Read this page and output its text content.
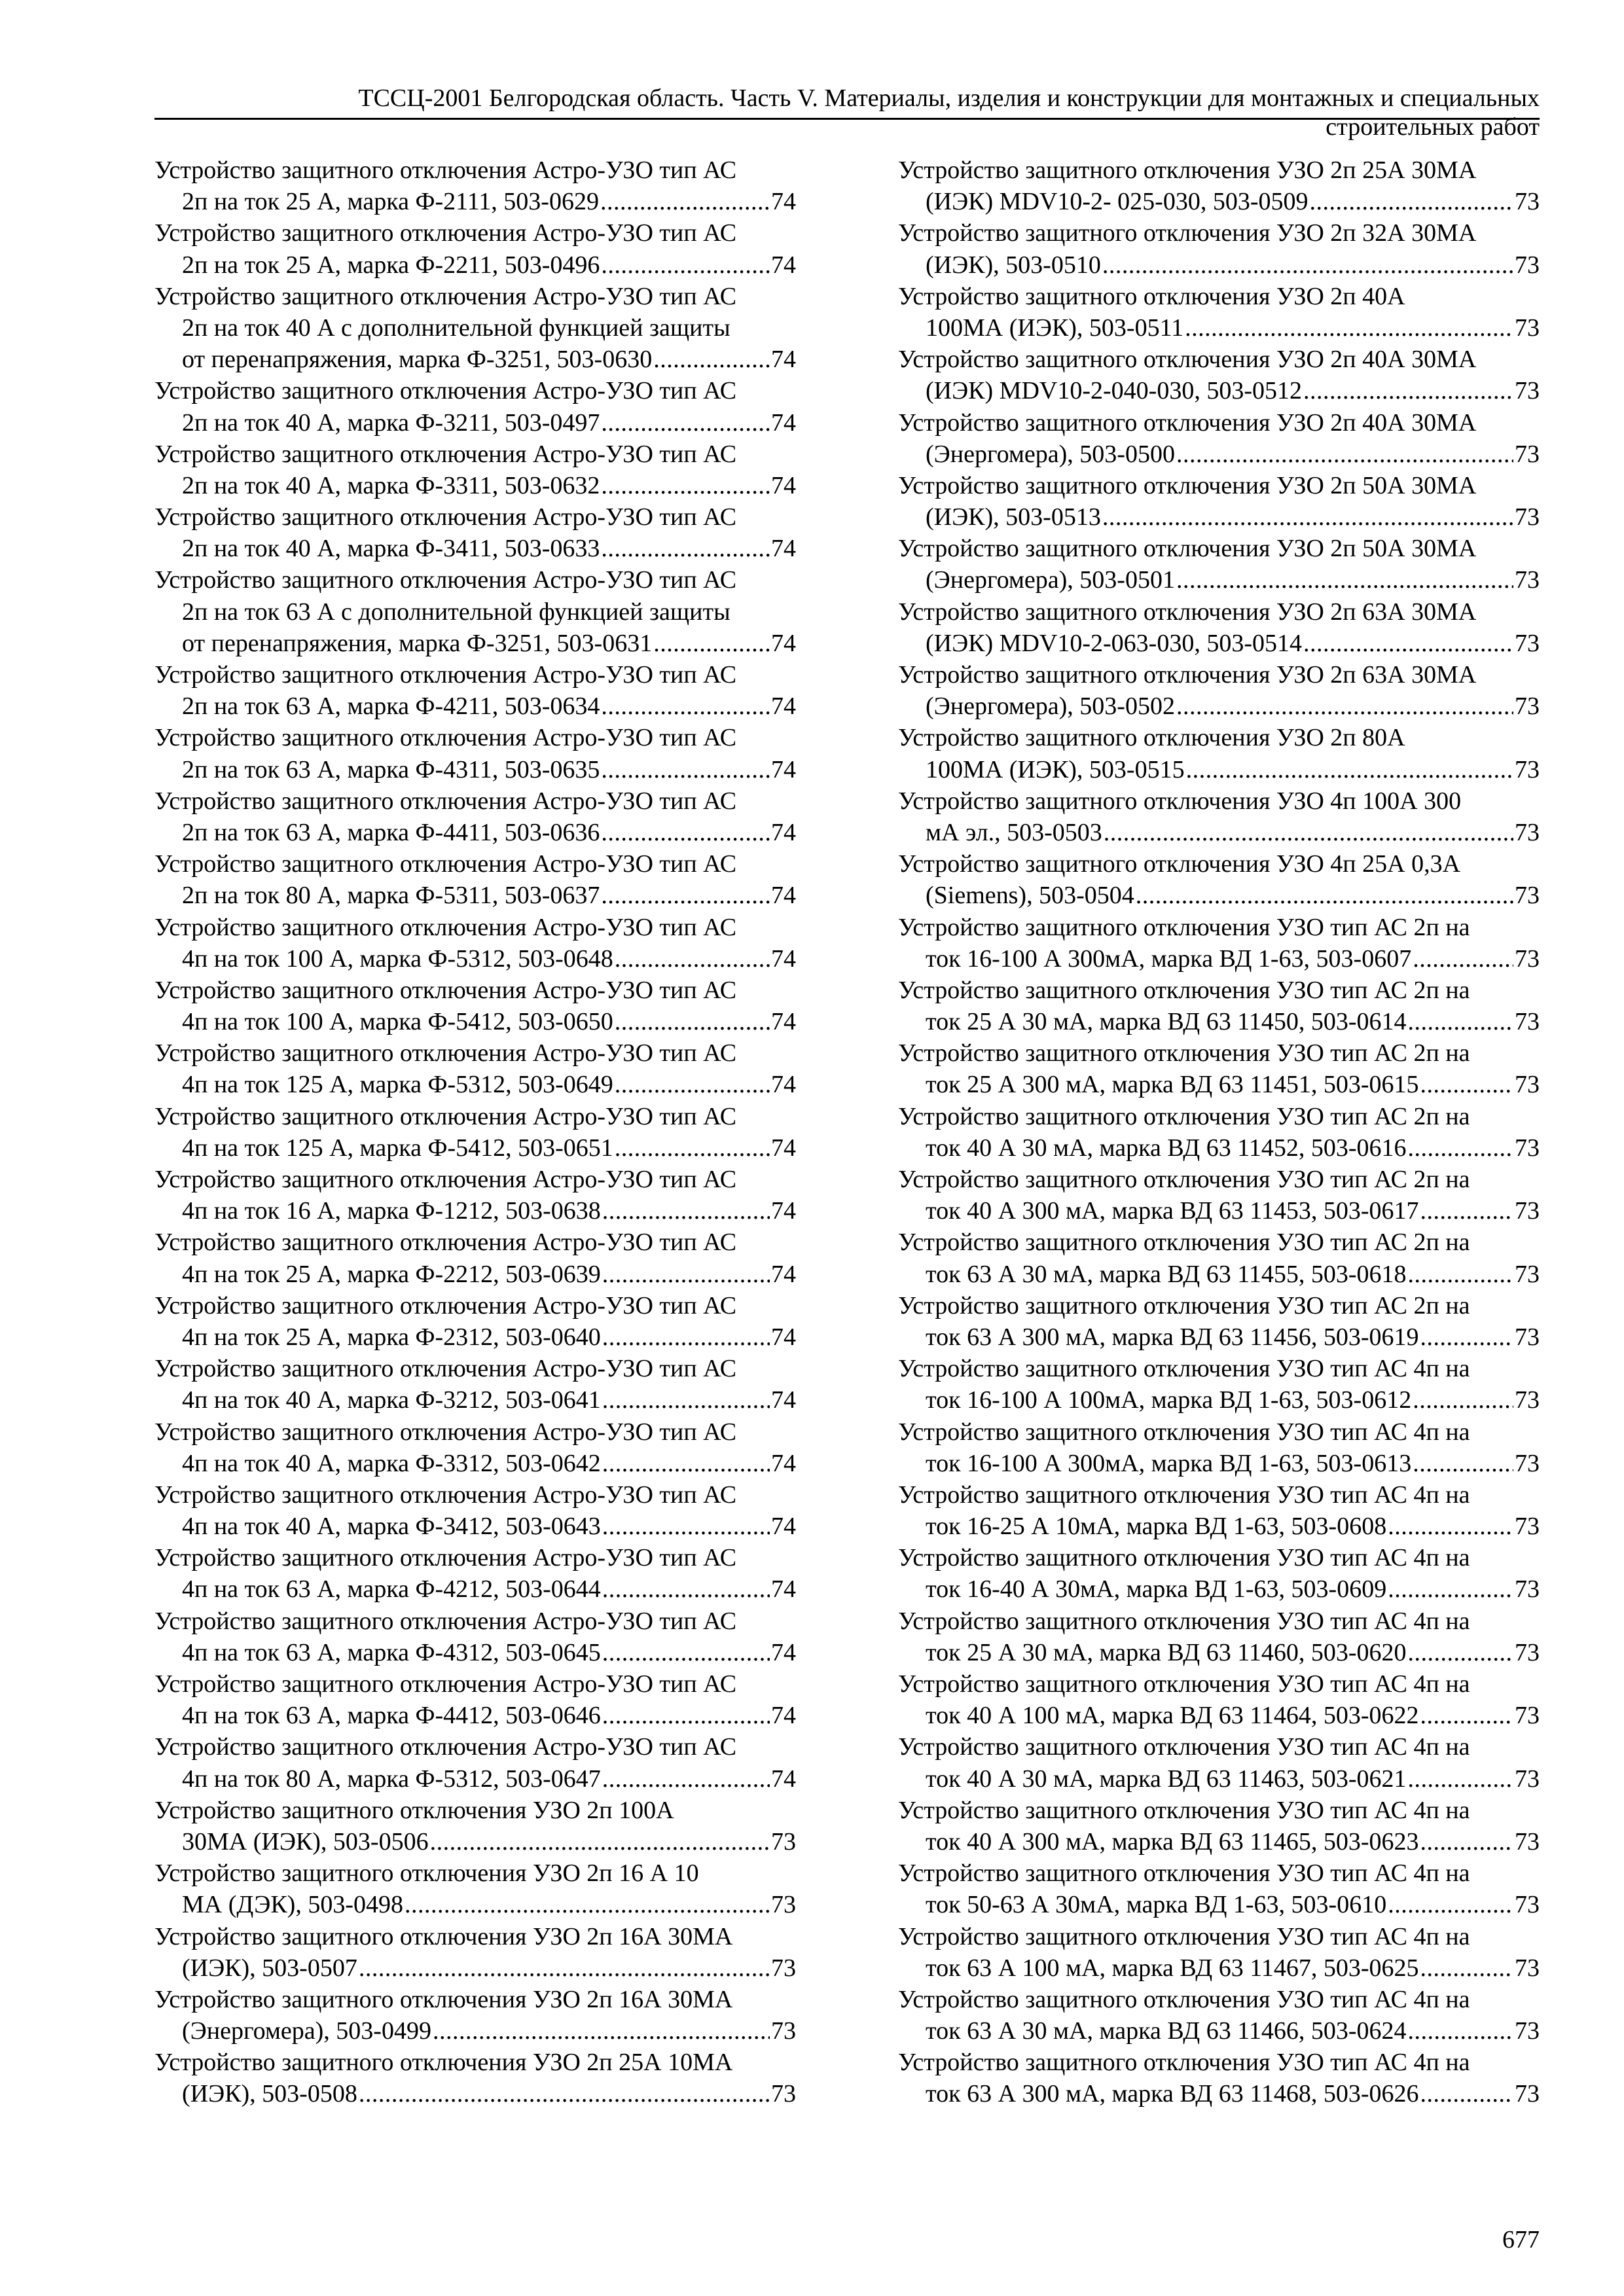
ТССЦ-2001 Белгородская область. Часть V. Материалы, изделия и конструкции для монтажных и специальных
строительных работ
Устройство защитного отключения Астро-УЗО тип АС
2п на ток 25 А, марка Ф-2111, 503-0629 .....	74
Устройство защитного отключения Астро-УЗО тип АС
2п на ток 25 А, марка Ф-2211, 503-0496 .....	74
Устройство защитного отключения Астро-УЗО тип АС
2п на ток 40 А с дополнительной функцией защиты
от перенапряжения, марка Ф-3251, 503-0630 .....	74
Устройство защитного отключения Астро-УЗО тип АС
2п на ток 40 А, марка Ф-3211, 503-0497 .....	74
Устройство защитного отключения Астро-УЗО тип АС
2п на ток 40 А, марка Ф-3311, 503-0632 .....	74
Устройство защитного отключения Астро-УЗО тип АС
2п на ток 40 А, марка Ф-3411, 503-0633 .....	74
Устройство защитного отключения Астро-УЗО тип АС
2п на ток 63 А с дополнительной функцией защиты
от перенапряжения, марка Ф-3251, 503-0631 .....	74
Устройство защитного отключения Астро-УЗО тип АС
2п на ток 63 А, марка Ф-4211, 503-0634 .....	74
Устройство защитного отключения Астро-УЗО тип АС
2п на ток 63 А, марка Ф-4311, 503-0635 .....	74
Устройство защитного отключения Астро-УЗО тип АС
2п на ток 63 А, марка Ф-4411, 503-0636 .....	74
Устройство защитного отключения Астро-УЗО тип АС
2п на ток 80 А, марка Ф-5311, 503-0637 .....	74
Устройство защитного отключения Астро-УЗО тип АС
4п на ток 100 А, марка Ф-5312, 503-0648 .....	74
Устройство защитного отключения Астро-УЗО тип АС
4п на ток 100 А, марка Ф-5412, 503-0650 .....	74
Устройство защитного отключения Астро-УЗО тип АС
4п на ток 125 А, марка Ф-5312, 503-0649 .....	74
Устройство защитного отключения Астро-УЗО тип АС
4п на ток 125 А, марка Ф-5412, 503-0651 .....	74
Устройство защитного отключения Астро-УЗО тип АС
4п на ток 16 А, марка Ф-1212, 503-0638 .....	74
Устройство защитного отключения Астро-УЗО тип АС
4п на ток 25 А, марка Ф-2212, 503-0639 .....	74
Устройство защитного отключения Астро-УЗО тип АС
4п на ток 25 А, марка Ф-2312, 503-0640 .....	74
Устройство защитного отключения Астро-УЗО тип АС
4п на ток 40 А, марка Ф-3212, 503-0641 .....	74
Устройство защитного отключения Астро-УЗО тип АС
4п на ток 40 А, марка Ф-3312, 503-0642 .....	74
Устройство защитного отключения Астро-УЗО тип АС
4п на ток 40 А, марка Ф-3412, 503-0643 .....	74
Устройство защитного отключения Астро-УЗО тип АС
4п на ток 63 А, марка Ф-4212, 503-0644 .....	74
Устройство защитного отключения Астро-УЗО тип АС
4п на ток 63 А, марка Ф-4312, 503-0645 .....	74
Устройство защитного отключения Астро-УЗО тип АС
4п на ток 63 А, марка Ф-4412, 503-0646 .....	74
Устройство защитного отключения Астро-УЗО тип АС
4п на ток 80 А, марка Ф-5312, 503-0647 .....	74
Устройство защитного отключения УЗО 2п 100А
30МА (ИЭК), 503-0506 .....	73
Устройство защитного отключения УЗО 2п 16 А 10
МА (ДЭК), 503-0498 .....	73
Устройство защитного отключения УЗО 2п 16А 30МА
(ИЭК), 503-0507 .....	73
Устройство защитного отключения УЗО 2п 16А 30МА
(Энергомера), 503-0499 .....	73
Устройство защитного отключения УЗО 2п 25А 10МА
(ИЭК), 503-0508 .....	73
Устройство защитного отключения УЗО 2п 25А 30МА
(ИЭК) MDV10-2- 025-030, 503-0509 .....	73
Устройство защитного отключения УЗО 2п 32А 30МА
(ИЭК), 503-0510 .....	73
Устройство защитного отключения УЗО 2п 40А
100МА (ИЭК), 503-0511 .....	73
Устройство защитного отключения УЗО 2п 40А 30МА
(ИЭК) MDV10-2-040-030, 503-0512 .....	73
Устройство защитного отключения УЗО 2п 40А 30МА
(Энергомера), 503-0500 .....	73
Устройство защитного отключения УЗО 2п 50А 30МА
(ИЭК), 503-0513 .....	73
Устройство защитного отключения УЗО 2п 50А 30МА
(Энергомера), 503-0501 .....	73
Устройство защитного отключения УЗО 2п 63А 30МА
(ИЭК) MDV10-2-063-030, 503-0514 .....	73
Устройство защитного отключения УЗО 2п 63А 30МА
(Энергомера), 503-0502 .....	73
Устройство защитного отключения УЗО 2п 80А
100МА (ИЭК), 503-0515 .....	73
Устройство защитного отключения УЗО 4п 100А 300
мА эл., 503-0503 .....	73
Устройство защитного отключения УЗО 4п 25А 0,3А
(Siemens), 503-0504 .....	73
Устройство защитного отключения УЗО тип АС 2п на
ток 16-100 А 300мА, марка ВД 1-63, 503-0607 .....	73
Устройство защитного отключения УЗО тип АС 2п на
ток 25 А 30 мА, марка ВД 63 11450, 503-0614 .....	73
Устройство защитного отключения УЗО тип АС 2п на
ток 25 А 300 мА, марка ВД 63 11451, 503-0615 .....	73
Устройство защитного отключения УЗО тип АС 2п на
ток 40 А 30 мА, марка ВД 63 11452, 503-0616 .....	73
Устройство защитного отключения УЗО тип АС 2п на
ток 40 А 300 мА, марка ВД 63 11453, 503-0617 .....	73
Устройство защитного отключения УЗО тип АС 2п на
ток 63 А 30 мА, марка ВД 63 11455, 503-0618 .....	73
Устройство защитного отключения УЗО тип АС 2п на
ток 63 А 300 мА, марка ВД 63 11456, 503-0619 .....	73
Устройство защитного отключения УЗО тип АС 4п на
ток 16-100 А 100мА, марка ВД 1-63, 503-0612 .....	73
Устройство защитного отключения УЗО тип АС 4п на
ток 16-100 А 300мА, марка ВД 1-63, 503-0613 .....	73
Устройство защитного отключения УЗО тип АС 4п на
ток 16-25 А 10мА, марка ВД 1-63, 503-0608 .....	73
Устройство защитного отключения УЗО тип АС 4п на
ток 16-40 А 30мА, марка ВД 1-63, 503-0609 .....	73
Устройство защитного отключения УЗО тип АС 4п на
ток 25 А 30 мА, марка ВД 63 11460, 503-0620 .....	73
Устройство защитного отключения УЗО тип АС 4п на
ток 40 А 100 мА, марка ВД 63 11464, 503-0622 .....	73
Устройство защитного отключения УЗО тип АС 4п на
ток 40 А 30 мА, марка ВД 63 11463, 503-0621 .....	73
Устройство защитного отключения УЗО тип АС 4п на
ток 40 А 300 мА, марка ВД 63 11465, 503-0623 .....	73
Устройство защитного отключения УЗО тип АС 4п на
ток 50-63 А 30мА, марка ВД 1-63, 503-0610 .....	73
Устройство защитного отключения УЗО тип АС 4п на
ток 63 А 100 мА, марка ВД 63 11467, 503-0625 .....	73
Устройство защитного отключения УЗО тип АС 4п на
ток 63 А 30 мА, марка ВД 63 11466, 503-0624 .....	73
Устройство защитного отключения УЗО тип АС 4п на
ток 63 А 300 мА, марка ВД 63 11468, 503-0626 .....	73
677
